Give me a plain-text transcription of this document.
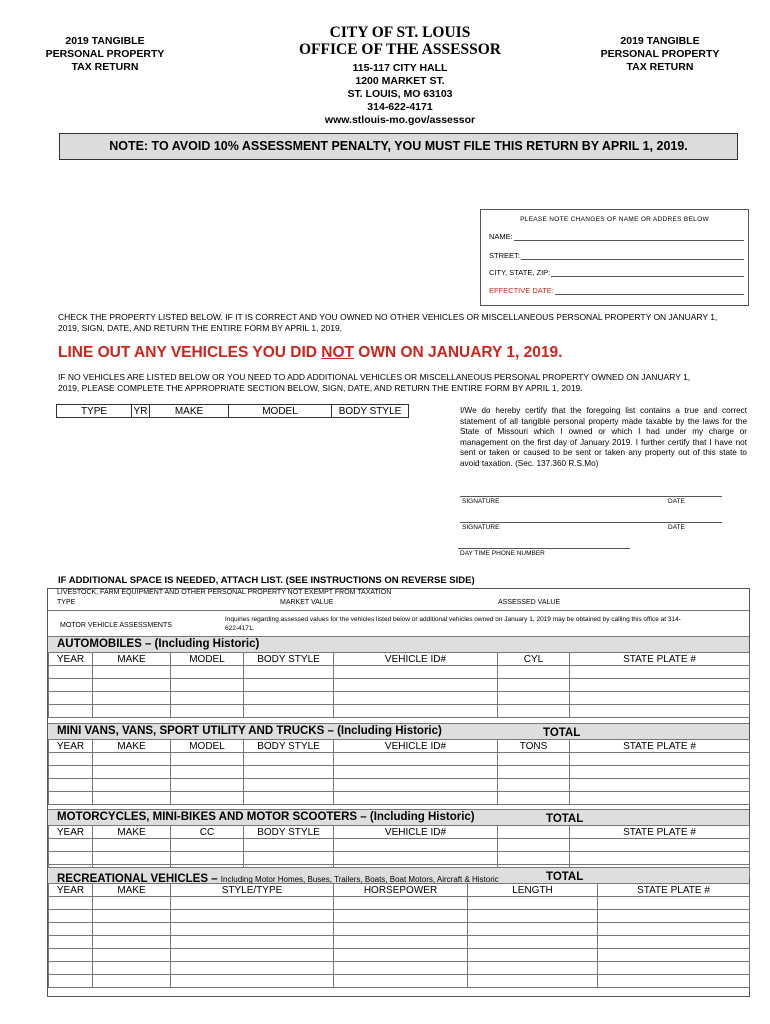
2019 TANGIBLE
PERSONAL PROPERTY
TAX RETURN
CITY OF ST. LOUIS
OFFICE OF THE ASSESSOR
115-117 CITY HALL
1200 MARKET ST.
ST. LOUIS, MO 63103
314-622-4171
www.stlouis-mo.gov/assessor
2019 TANGIBLE
PERSONAL PROPERTY
TAX RETURN
NOTE: TO AVOID 10% ASSESSMENT PENALTY, YOU MUST FILE THIS RETURN BY APRIL 1, 2019.
PLEASE NOTE CHANGES OF NAME OR ADDRES BELOW
NAME:
STREET:
CITY, STATE, ZIP:
EFFECTIVE DATE:
CHECK THE PROPERTY LISTED BELOW. IF IT IS CORRECT AND YOU OWNED NO OTHER VEHICLES OR MISCELLANEOUS PERSONAL PROPERTY ON JANUARY 1, 2019, SIGN, DATE, AND RETURN THE ENTIRE FORM BY APRIL 1, 2019.
LINE OUT ANY VEHICLES YOU DID NOT OWN ON JANUARY 1, 2019.
IF NO VEHICLES ARE LISTED BELOW OR YOU NEED TO ADD ADDITIONAL VEHICLES OR MISCELLANEOUS PERSONAL PROPERTY OWNED ON JANUARY 1, 2019, PLEASE COMPLETE THE APPROPRIATE SECTION BELOW, SIGN, DATE, AND RETURN THE ENTIRE FORM BY APRIL 1, 2019.
TYPE	YR	MAKE	MODEL	BODY STYLE	I/We do hereby certify that the foregoing list contains a true and correct statement of all tangible personal property made taxable by the laws for the State of Missouri which I owned or which I had under my charge or management on the first day of January 2019. I further certify that I have not sent or taken or caused to be sent or taken any property out of this state to avoid taxation. (Sec. 137.360 R.S.Mo)
SIGNATURE	DATE
SIGNATURE	DATE
DAY TIME PHONE NUMBER
IF ADDITIONAL SPACE IS NEEDED, ATTACH LIST. (SEE INSTRUCTIONS ON REVERSE SIDE)
LIVESTOCK, FARM EQUIPMENT AND OTHER PERSONAL PROPERTY NOT EXEMPT FROM TAXATION
TYPE	MARKET VALUE	ASSESSED VALUE
MOTOR VEHICLE ASSESSMENTS
Inquiries regarding assessed values for the vehicles listed below or additional vehicles owned on January 1, 2019 may be obtained by calling this office at 314-622-4171.
AUTOMOBILES – (Including Historic)
YEAR	MAKE	MODEL	BODY STYLE	VEHICLE ID#	CYL	STATE PLATE #

MINI VANS, VANS, SPORT UTILITY AND TRUCKS – (Including Historic)	TOTAL
YEAR	MAKE	MODEL	BODY STYLE	VEHICLE ID#	TONS	STATE PLATE #

MOTORCYCLES, MINI-BIKES AND MOTOR SCOOTERS – (Including Historic)	TOTAL
YEAR	MAKE	CC	BODY STYLE	VEHICLE ID#		STATE PLATE #

RECREATIONAL VEHICLES – Including Motor Homes, Buses, Trailers, Boats, Boat Motors, Aircraft & Historic	TOTAL
YEAR	MAKE	STYLE/TYPE	HORSEPOWER	LENGTH	STATE PLATE #
